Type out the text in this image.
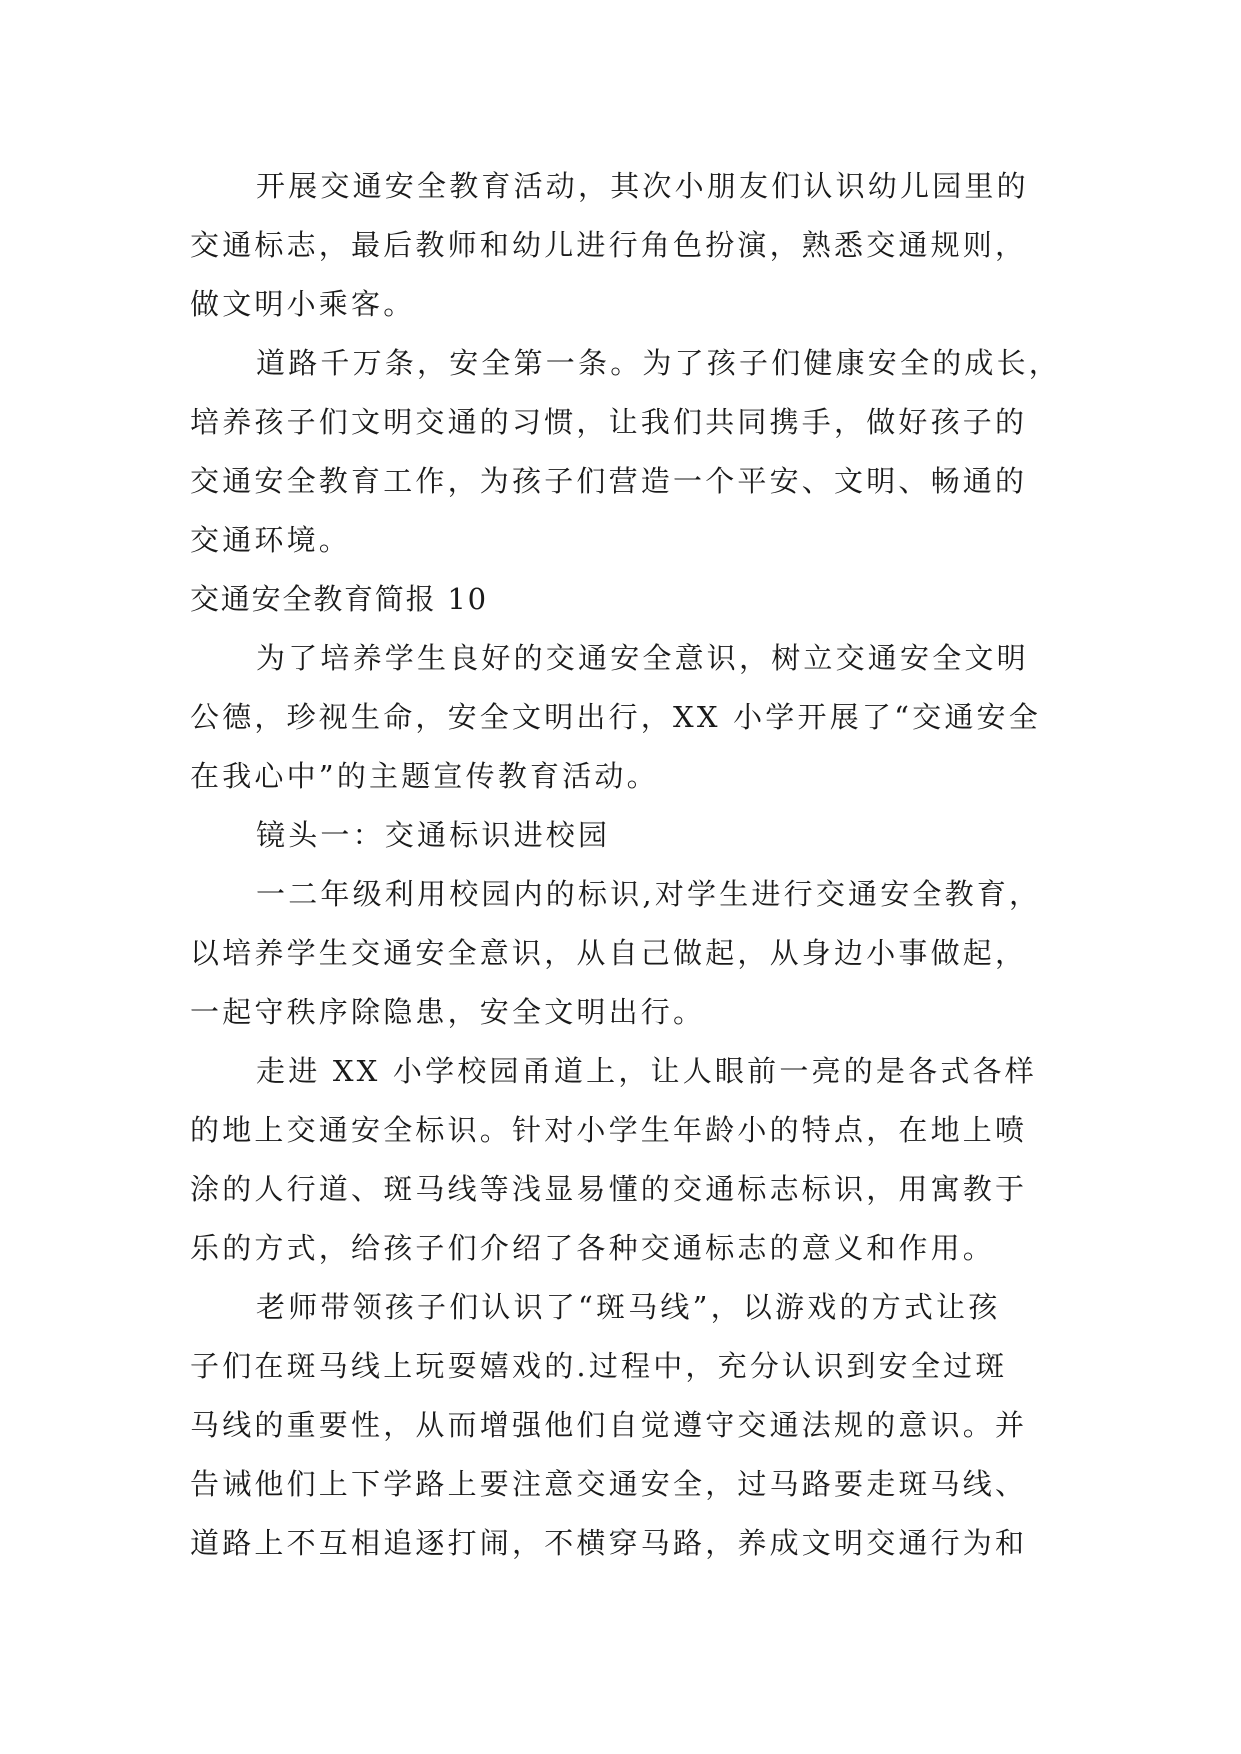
开展交通安全教育活动，其次小朋友们认识幼儿园里的
交通标志，最后教师和幼儿进行角色扮演，熟悉交通规则，
做文明小乘客。
道路千万条，安全第一条。为了孩子们健康安全的成长，
培养孩子们文明交通的习惯，让我们共同携手，做好孩子的
交通安全教育工作，为孩子们营造一个平安、文明、畅通的
交通环境。
交通安全教育简报 10
为了培养学生良好的交通安全意识，树立交通安全文明
公德，珍视生命，安全文明出行，XX 小学开展了“交通安全
在我心中”的主题宣传教育活动。
镜头一：交通标识进校园
一二年级利用校园内的标识,对学生进行交通安全教育，
以培养学生交通安全意识，从自己做起，从身边小事做起，
一起守秩序除隐患，安全文明出行。
走进 XX 小学校园甬道上，让人眼前一亮的是各式各样
的地上交通安全标识。针对小学生年龄小的特点，在地上喷
涂的人行道、斑马线等浅显易懂的交通标志标识，用寓教于
乐的方式，给孩子们介绍了各种交通标志的意义和作用。
老师带领孩子们认识了“斑马线”，以游戏的方式让孩
子们在斑马线上玩耍嬉戏的.过程中，充分认识到安全过斑
马线的重要性，从而增强他们自觉遵守交通法规的意识。并
告诫他们上下学路上要注意交通安全，过马路要走斑马线、
道路上不互相追逐打闹，不横穿马路，养成文明交通行为和
